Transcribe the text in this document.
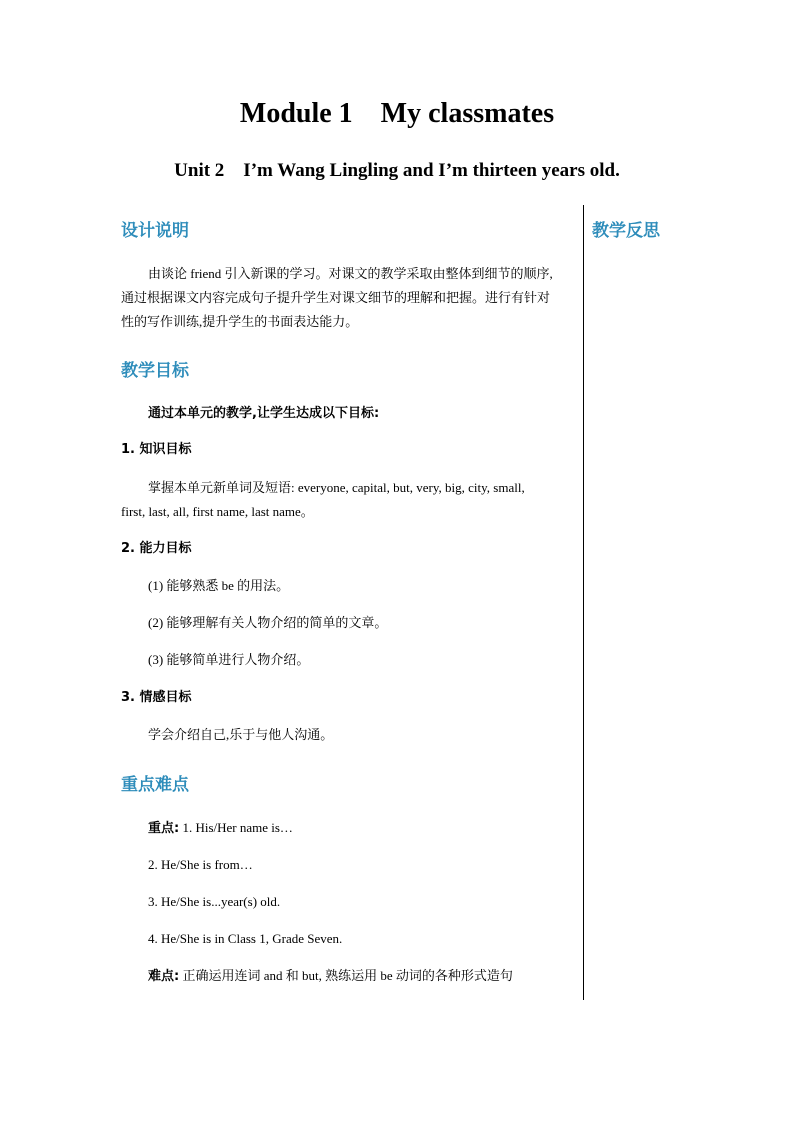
Module 1    My classmates
Unit 2    I’m Wang Lingling and I’m thirteen years old.
教学反思
设计说明
由谈论 friend 引入新课的学习。对课文的教学采取由整体到细节的顺序,
通过根据课文内容完成句子提升学生对课文细节的理解和把握。进行有针对
性的写作训练,提升学生的书面表达能力。
教学目标
通过本单元的教学,让学生达成以下目标:
1. 知识目标
掌握本单元新单词及短语: everyone, capital, but, very, big, city, small,
first, last, all, first name, last name。
2. 能力目标
(1) 能够熟悉 be 的用法。
(2) 能够理解有关人物介绍的简单的文章。
(3) 能够简单进行人物介绍。
3. 情感目标
学会介绍自己,乐于与他人沟通。
重点难点
重点: 1. His/Her name is…
2. He/She is from…
3. He/She is...year(s) old.
4. He/She is in Class 1, Grade Seven.
难点: 正确运用连词 and 和 but, 熟练运用 be 动词的各种形式造句
